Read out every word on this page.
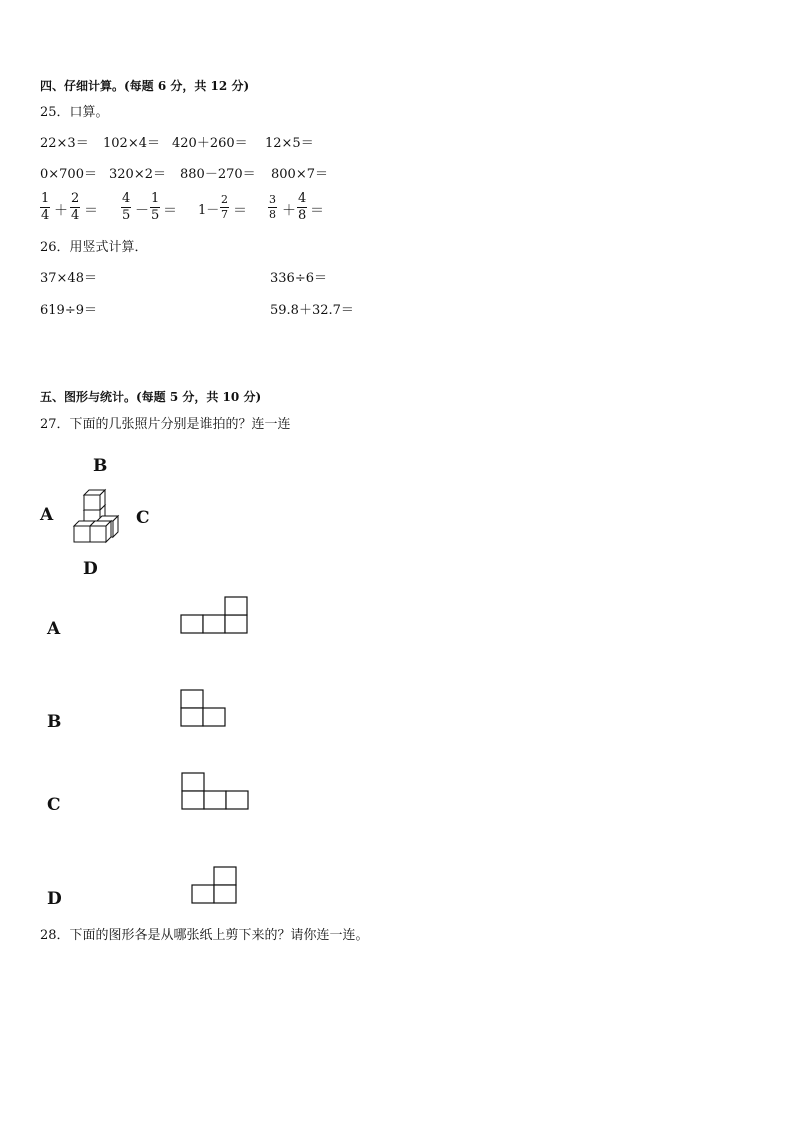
四、仔细计算。(每题 6 分，共 12 分)
25．口算。
22×3＝ 102×4＝ 420＋260＝ 12×5＝
0×700＝ 320×2＝ 880－270＝ 800×7＝
1
4 ＋
2
4 ＝
4
5 －
1
5 ＝ 1－
2
7 ＝
3
8 ＋
4
8 ＝
26．用竖式计算．
37×48＝	336÷6＝
619÷9＝	59.8＋32.7＝
五、图形与统计。(每题 5 分，共 10 分)
27．下面的几张照片分别是谁拍的？连一连
B
A	C
D
A
B
C
D
28．下面的图形各是从哪张纸上剪下来的？请你连一连。
